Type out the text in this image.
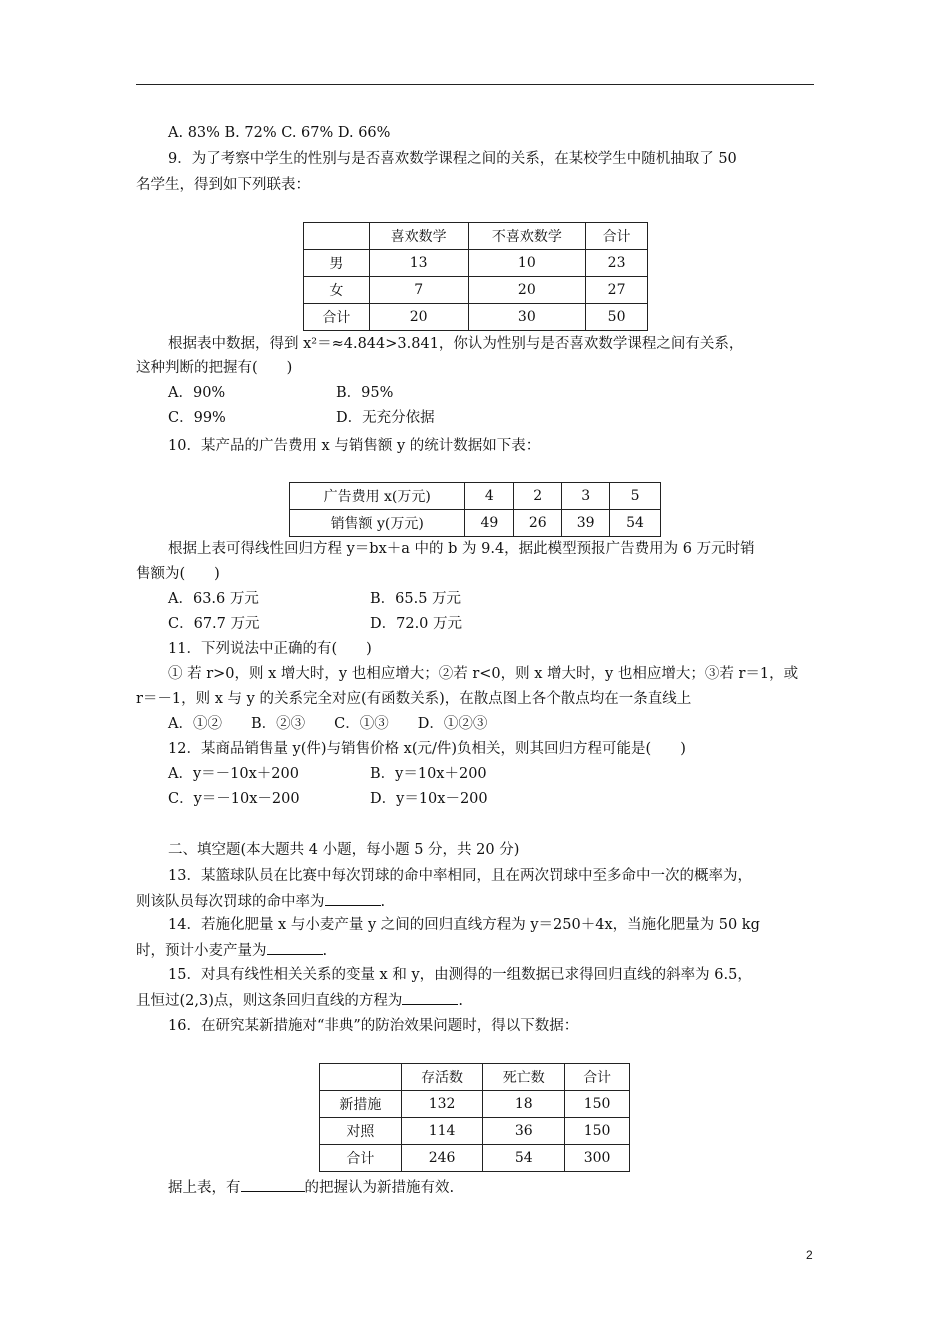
A. 83% B. 72% C. 67% D. 66%
9．为了考察中学生的性别与是否喜欢数学课程之间的关系，在某校学生中随机抽取了 50
名学生，得到如下列联表：
	喜欢数学	不喜欢数学	合计
男	13	10	23
女	7	20	27
合计	20	30	50
根据表中数据，得到 x²＝≈4.844>3.841，你认为性别与是否喜欢数学课程之间有关系，
这种判断的把握有(　　)
A．90%	B．95%
C．99%	D．无充分依据
10．某产品的广告费用 x 与销售额 y 的统计数据如下表：
广告费用 x(万元)	4	2	3	5
销售额 y(万元)	49	26	39	54
根据上表可得线性回归方程 y＝bx＋a 中的 b 为 9.4，据此模型预报广告费用为 6 万元时销
售额为(　　)
A．63.6 万元	B．65.5 万元
C．67.7 万元	D．72.0 万元
11．下列说法中正确的有(　　)
① 若 r>0，则 x 增大时，y 也相应增大；②若 r<0，则 x 增大时，y 也相应增大；③若 r＝1，或
r＝－1，则 x 与 y 的关系完全对应(有函数关系)，在散点图上各个散点均在一条直线上
A．①②　　B．②③　　C．①③　　D．①②③
12．某商品销售量 y(件)与销售价格 x(元/件)负相关，则其回归方程可能是(　　)
A．y＝－10x＋200	B．y＝10x＋200
C．y＝－10x－200	D．y＝10x－200
二、填空题(本大题共 4 小题，每小题 5 分，共 20 分)
13．某篮球队员在比赛中每次罚球的命中率相同，且在两次罚球中至多命中一次的概率为，
则该队员每次罚球的命中率为	.
14．若施化肥量 x 与小麦产量 y 之间的回归直线方程为 y＝250＋4x，当施化肥量为 50 kg
时，预计小麦产量为	.
15．对具有线性相关关系的变量 x 和 y，由测得的一组数据已求得回归直线的斜率为 6.5，
且恒过(2,3)点，则这条回归直线的方程为	.
16．在研究某新措施对“非典”的防治效果问题时，得以下数据：
	存活数	死亡数	合计
新措施	132	18	150
对照	114	36	150
合计	246	54	300
据上表，有	的把握认为新措施有效.
2
